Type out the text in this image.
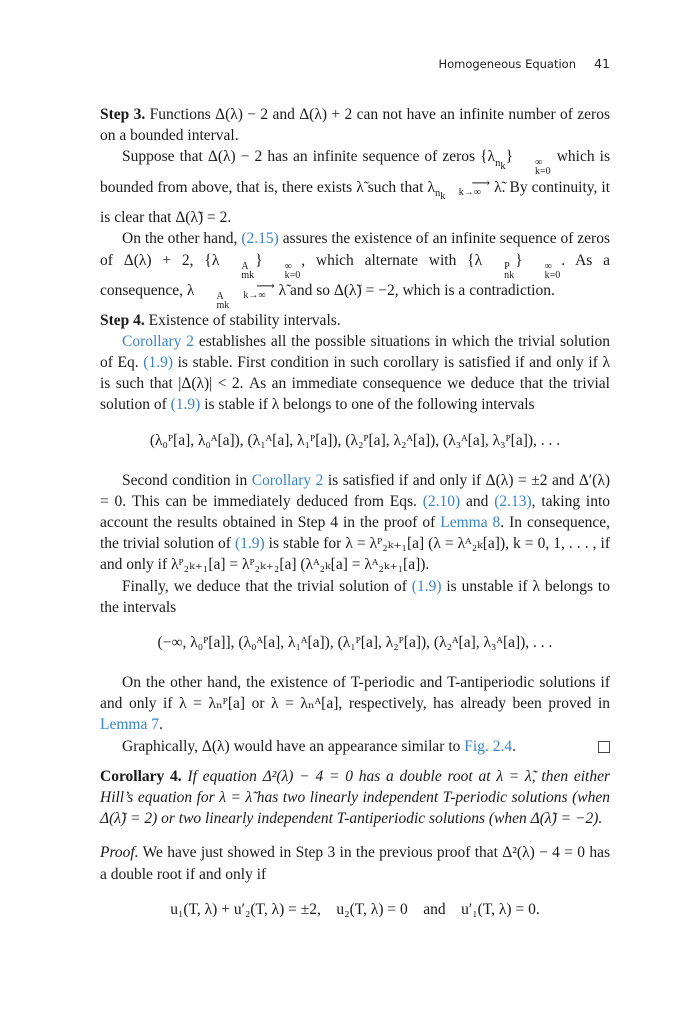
Homogeneous Equation 41

Step 3. Functions Δ(λ) − 2 and Δ(λ) + 2 can not have an infinite number of zeros on a bounded interval.

Suppose that Δ(λ) − 2 has an infinite sequence of zeros $\{\lambda_{n_k}\}$	∞
k=0
which is bounded from above, that is, there exists λ̃ such that $\lambda_{n_k}$
⟶
k→∞ λ̃. By continuity, it is clear that Δ(λ̃) = 2.

On the other hand, (2.15) assures the existence of an infinite sequence of zeros of Δ(λ) + 2, {λ	A
mk
}	∞
k=0
, which alternate with {λ	P
nk
}	∞
k=0
. As a consequence, λ	A
mk

⟶
k→∞ λ̃ and so Δ(λ̃) = −2, which is a contradiction.

Step 4. Existence of stability intervals.

Corollary 2 establishes all the possible situations in which the trivial solution of Eq. (1.9) is stable. First condition in such corollary is satisfied if and only if λ is such that |Δ(λ)| < 2. As an immediate consequence we deduce that the trivial solution of (1.9) is stable if λ belongs to one of the following intervals

(λ₀ᴾ[a], λ₀ᴬ[a]), (λ₁ᴬ[a], λ₁ᴾ[a]), (λ₂ᴾ[a], λ₂ᴬ[a]), (λ₃ᴬ[a], λ₃ᴾ[a]), . . .

Second condition in Corollary 2 is satisfied if and only if Δ(λ) = ±2 and Δ′(λ) = 0. This can be immediately deduced from Eqs. (2.10) and (2.13), taking into account the results obtained in Step 4 in the proof of Lemma 8. In consequence, the trivial solution of (1.9) is stable for λ = λᴾ₂ₖ₊₁[a] (λ = λᴬ₂ₖ[a]), k = 0, 1, . . . , if and only if λᴾ₂ₖ₊₁[a] = λᴾ₂ₖ₊₂[a] (λᴬ₂ₖ[a] = λᴬ₂ₖ₊₁[a]).

Finally, we deduce that the trivial solution of (1.9) is unstable if λ belongs to the intervals

(−∞, λ₀ᴾ[a]], (λ₀ᴬ[a], λ₁ᴬ[a]), (λ₁ᴾ[a], λ₂ᴾ[a]), (λ₂ᴬ[a], λ₃ᴬ[a]), . . .

On the other hand, the existence of T-periodic and T-antiperiodic solutions if and only if λ = λₙᴾ[a] or λ = λₙᴬ[a], respectively, has already been proved in Lemma 7.

Graphically, Δ(λ) would have an appearance similar to Fig. 2.4.

Corollary 4. If equation Δ²(λ) − 4 = 0 has a double root at λ = λ̃, then either Hill’s equation for λ = λ̃ has two linearly independent T-periodic solutions (when Δ(λ̃) = 2) or two linearly independent T-antiperiodic solutions (when Δ(λ̃) = −2).

Proof. We have just showed in Step 3 in the previous proof that Δ²(λ) − 4 = 0 has a double root if and only if

u₁(T, λ) + u′₂(T, λ) = ±2, u₂(T, λ) = 0 and u′₁(T, λ) = 0.
